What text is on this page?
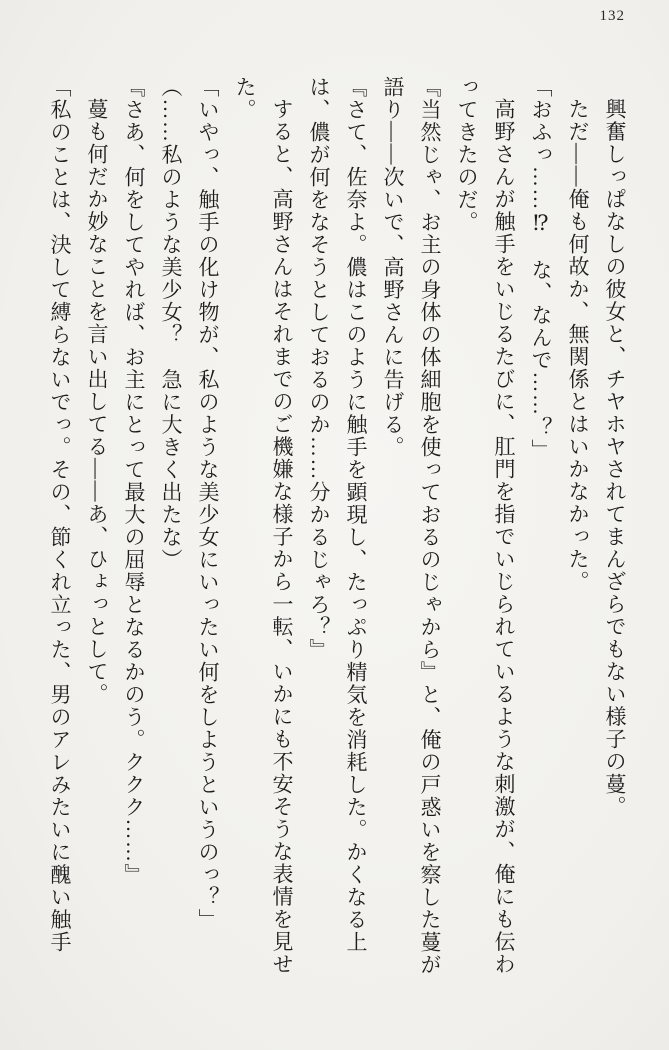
132

興奮しっぱなしの彼女と、チヤホヤされてまんざらでもない様子の蔓。

ただ――俺も何故か、無関係とはいかなかった。

「おふっ……⁉　な、なんで……？」

高野さんが触手をいじるたびに、肛門を指でいじられているような刺激が、俺にも伝わってきたのだ。

『当然じゃ、お主の身体の体細胞を使っておるのじゃから』と、俺の戸惑いを察した蔓が語り――次いで、高野さんに告げる。

『さて、佐奈よ。儂はこのように触手を顕現し、たっぷり精気を消耗した。かくなる上は、儂が何をなそうとしておるのか……分かるじゃろ？』

すると、高野さんはそれまでのご機嫌な様子から一転、いかにも不安そうな表情を見せた。

「いやっ、触手の化け物が、私のような美少女にいったい何をしようというのっ？」

（……私のような美少女？　急に大きく出たな）

『さあ、何をしてやれば、お主にとって最大の屈辱となるかのう。ククク……』

蔓も何だか妙なことを言い出してる――あ、ひょっとして。

「私のことは、決して縛らないでっ。その、節くれ立った、男のアレみたいに醜い触手
